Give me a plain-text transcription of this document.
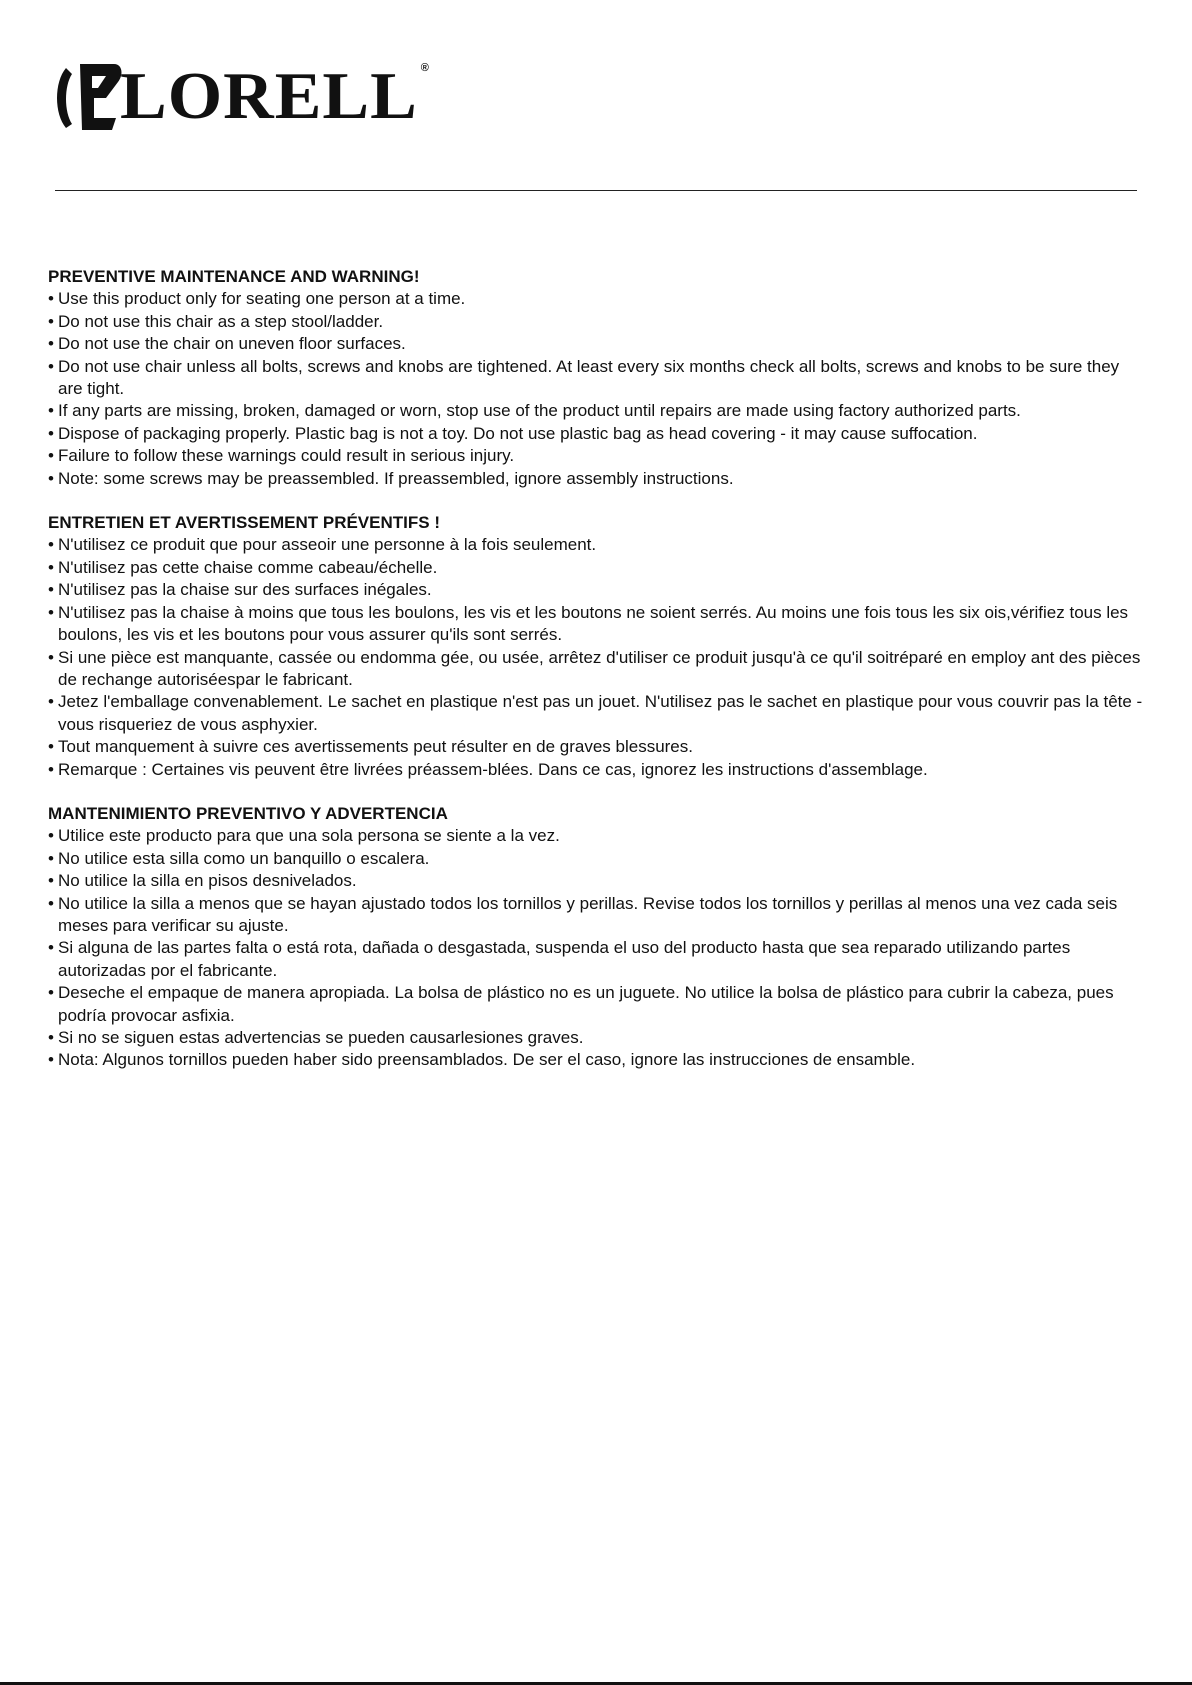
LORELL ®
PREVENTIVE MAINTENANCE AND WARNING!
• Use this product only for seating one person at a time.
• Do not use this chair as a step stool/ladder.
• Do not use the chair on uneven floor surfaces.
• Do not use chair unless all bolts, screws and knobs are tightened. At least every six months check all bolts, screws and knobs to be sure they are tight.
• If any parts are missing, broken, damaged or worn, stop use of the product until repairs are made using factory authorized parts.
• Dispose of packaging properly. Plastic bag is not a toy. Do not use plastic bag as head covering - it may cause suffocation.
• Failure to follow these warnings could result in serious injury.
• Note: some screws may be preassembled. If preassembled, ignore assembly instructions.
ENTRETIEN ET AVERTISSEMENT PRÉVENTIFS !
• N'utilisez ce produit que pour asseoir une personne à la fois seulement.
• N'utilisez pas cette chaise comme cabeau/échelle.
• N'utilisez pas la chaise sur des surfaces inégales.
• N'utilisez pas la chaise à moins que tous les boulons, les vis et les boutons ne soient serrés. Au moins une fois tous les six ois,vérifiez tous les boulons, les vis et les boutons pour vous assurer qu'ils sont serrés.
• Si une pièce est manquante, cassée ou endomma gée, ou usée, arrêtez d'utiliser ce produit jusqu'à ce qu'il soitréparé en employ ant des pièces de rechange autoriséespar le fabricant.
• Jetez l'emballage convenablement. Le sachet en plastique n'est pas un jouet. N'utilisez pas le sachet en plastique pour vous couvrir pas la tête - vous risqueriez de vous asphyxier.
• Tout manquement à suivre ces avertissements peut résulter en de graves blessures.
• Remarque : Certaines vis peuvent être livrées préassem-blées. Dans ce cas, ignorez les instructions d'assemblage.
MANTENIMIENTO PREVENTIVO Y ADVERTENCIA
• Utilice este producto para que una sola persona se siente a la vez.
• No utilice esta silla como un banquillo o escalera.
• No utilice la silla en pisos desnivelados.
• No utilice la silla a menos que se hayan ajustado todos los tornillos y perillas. Revise todos los tornillos y perillas al menos una vez cada seis meses para verificar su ajuste.
• Si alguna de las partes falta o está rota, dañada o desgastada, suspenda el uso del producto hasta que sea reparado utilizando partes autorizadas por el fabricante.
• Deseche el empaque de manera apropiada. La bolsa de plástico no es un juguete. No utilice la bolsa de plástico para cubrir la cabeza, pues podría provocar asfixia.
• Si no se siguen estas advertencias se pueden causarlesiones graves.
• Nota: Algunos tornillos pueden haber sido preensamblados. De ser el caso, ignore las instrucciones de ensamble.
